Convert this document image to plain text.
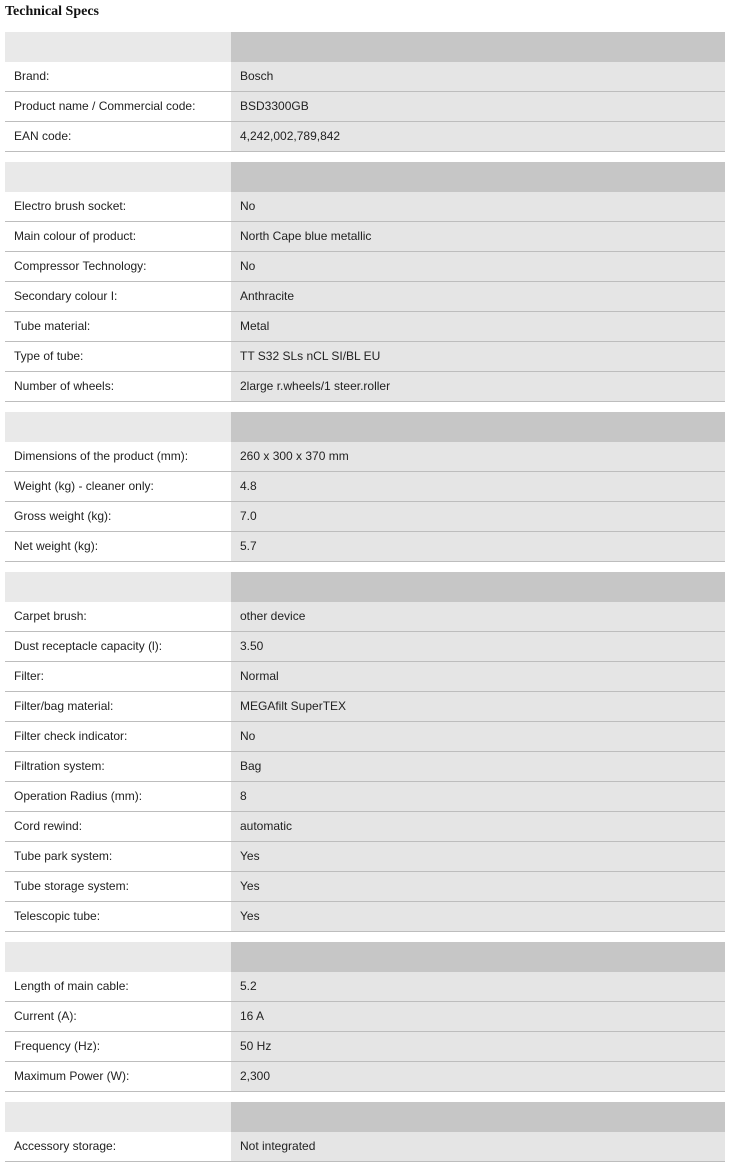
Technical Specs
Brand:	Bosch
Product name / Commercial code:	BSD3300GB
EAN code:	4,242,002,789,842
Electro brush socket:	No
Main colour of product:	North Cape blue metallic
Compressor Technology:	No
Secondary colour I:	Anthracite
Tube material:	Metal
Type of tube:	TT S32 SLs nCL SI/BL EU
Number of wheels:	2large r.wheels/1 steer.roller
Dimensions of the product (mm):	260 x 300 x 370 mm
Weight (kg) - cleaner only:	4.8
Gross weight (kg):	7.0
Net weight (kg):	5.7
Carpet brush:	other device
Dust receptacle capacity (l):	3.50
Filter:	Normal
Filter/bag material:	MEGAfilt SuperTEX
Filter check indicator:	No
Filtration system:	Bag
Operation Radius (mm):	8
Cord rewind:	automatic
Tube park system:	Yes
Tube storage system:	Yes
Telescopic tube:	Yes
Length of main cable:	5.2
Current (A):	16 A
Frequency (Hz):	50 Hz
Maximum Power (W):	2,300
Accessory storage:	Not integrated
